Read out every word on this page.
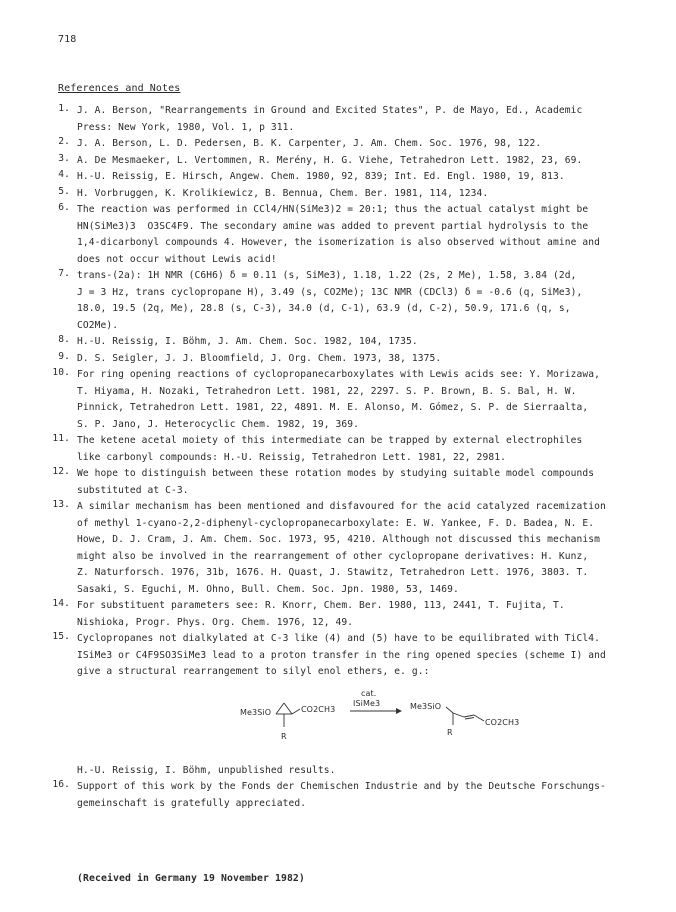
718
References and Notes
1. J. A. Berson, "Rearrangements in Ground and Excited States", P. de Mayo, Ed., Academic
Press: New York, 1980, Vol. 1, p 311.
2. J. A. Berson, L. D. Pedersen, B. K. Carpenter, J. Am. Chem. Soc. 1976, 98, 122.
3. A. De Mesmaeker, L. Vertommen, R. Merény, H. G. Viehe, Tetrahedron Lett. 1982, 23, 69.
4. H.-U. Reissig, E. Hirsch, Angew. Chem. 1980, 92, 839; Int. Ed. Engl. 1980, 19, 813.
5. H. Vorbruggen, K. Krolikiewicz, B. Bennua, Chem. Ber. 1981, 114, 1234.
6. The reaction was performed in CCl4/HN(SiMe3)2 = 20:1; thus the actual catalyst might be
HN(SiMe3)3  O3SC4F9. The secondary amine was added to prevent partial hydrolysis to the
1,4-dicarbonyl compounds 4. However, the isomerization is also observed without amine and
does not occur without Lewis acid!
7. trans-(2a): 1H NMR (C6H6) δ = 0.11 (s, SiMe3), 1.18, 1.22 (2s, 2 Me), 1.58, 3.84 (2d,
J = 3 Hz, trans cyclopropane H), 3.49 (s, CO2Me); 13C NMR (CDCl3) δ = -0.6 (q, SiMe3),
18.0, 19.5 (2q, Me), 28.8 (s, C-3), 34.0 (d, C-1), 63.9 (d, C-2), 50.9, 171.6 (q, s,
CO2Me).
8. H.-U. Reissig, I. Böhm, J. Am. Chem. Soc. 1982, 104, 1735.
9. D. S. Seigler, J. J. Bloomfield, J. Org. Chem. 1973, 38, 1375.
10. For ring opening reactions of cyclopropanecarboxylates with Lewis acids see: Y. Morizawa,
T. Hiyama, H. Nozaki, Tetrahedron Lett. 1981, 22, 2297. S. P. Brown, B. S. Bal, H. W.
Pinnick, Tetrahedron Lett. 1981, 22, 4891. M. E. Alonso, M. Gómez, S. P. de Sierraalta,
S. P. Jano, J. Heterocyclic Chem. 1982, 19, 369.
11. The ketene acetal moiety of this intermediate can be trapped by external electrophiles
like carbonyl compounds: H.-U. Reissig, Tetrahedron Lett. 1981, 22, 2981.
12. We hope to distinguish between these rotation modes by studying suitable model compounds
substituted at C-3.
13. A similar mechanism has been mentioned and disfavoured for the acid catalyzed racemization
of methyl 1-cyano-2,2-diphenyl-cyclopropanecarboxylate: E. W. Yankee, F. D. Badea, N. E.
Howe, D. J. Cram, J. Am. Chem. Soc. 1973, 95, 4210. Although not discussed this mechanism
might also be involved in the rearrangement of other cyclopropane derivatives: H. Kunz,
Z. Naturforsch. 1976, 31b, 1676. H. Quast, J. Stawitz, Tetrahedron Lett. 1976, 3803. T.
Sasaki, S. Eguchi, M. Ohno, Bull. Chem. Soc. Jpn. 1980, 53, 1469.
14. For substituent parameters see: R. Knorr, Chem. Ber. 1980, 113, 2441, T. Fujita, T.
Nishioka, Progr. Phys. Org. Chem. 1976, 12, 49.
15. Cyclopropanes not dialkylated at C-3 like (4) and (5) have to be equilibrated with TiCl4.
ISiMe3 or C4F9SO3SiMe3 lead to a proton transfer in the ring opened species (scheme I) and
give a structural rearrangement to silyl enol ethers, e. g.:
Me3SiO	CO2CH3
R
cat.
ISiMe3	Me3SiO
CO2CH3
R
H.-U. Reissig, I. Böhm, unpublished results.
16. Support of this work by the Fonds der Chemischen Industrie and by the Deutsche Forschungs-
gemeinschaft is gratefully appreciated.
(Received in Germany 19 November 1982)
